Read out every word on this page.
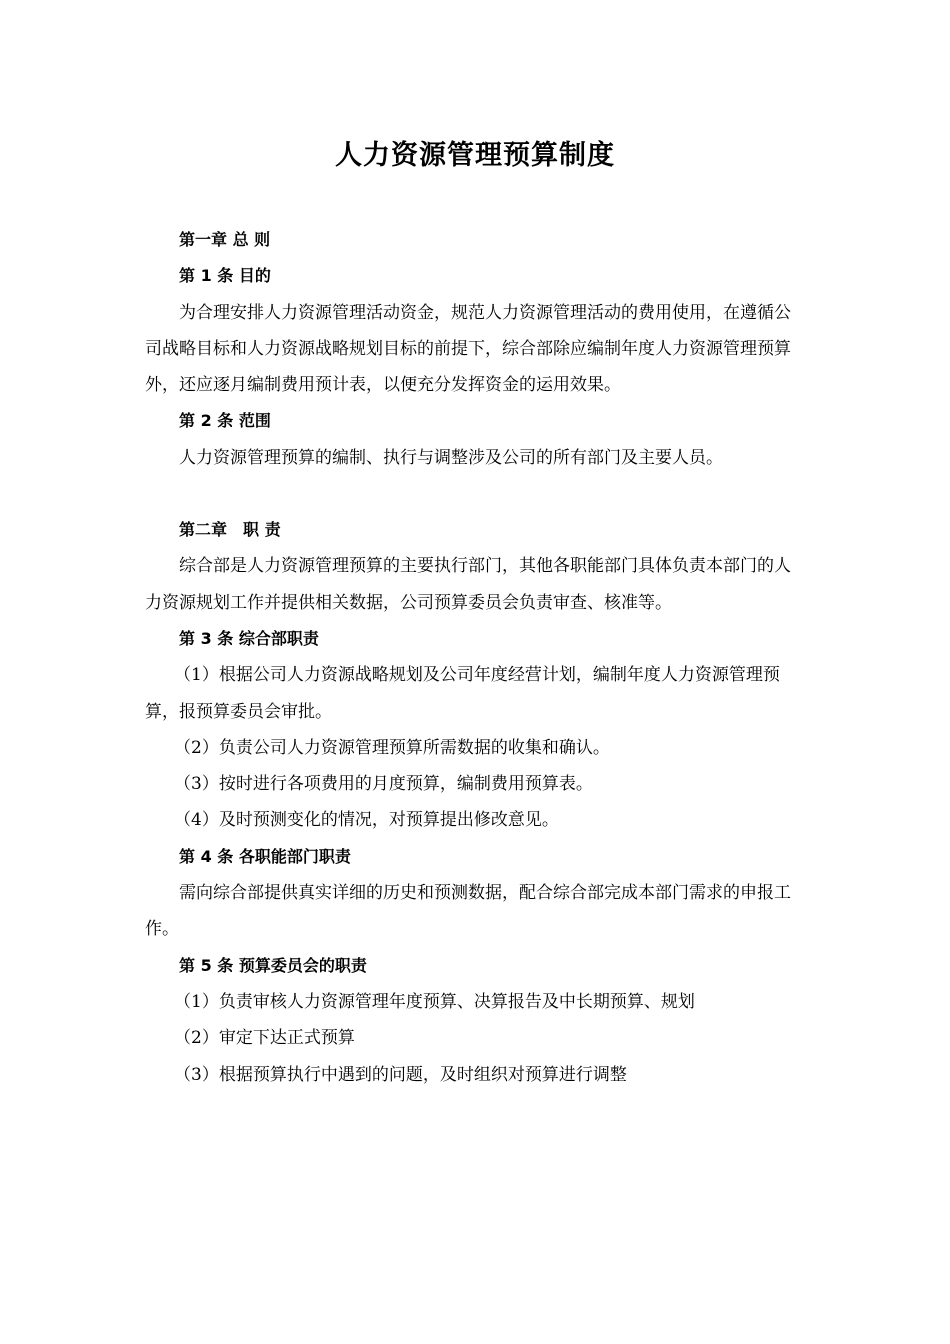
人力资源管理预算制度

第一章 总 则

第 1 条 目的

为合理安排人力资源管理活动资金，规范人力资源管理活动的费用使用，在遵循公司战略目标和人力资源战略规划目标的前提下，综合部除应编制年度人力资源管理预算外，还应逐月编制费用预计表，以便充分发挥资金的运用效果。

第 2 条 范围

人力资源管理预算的编制、执行与调整涉及公司的所有部门及主要人员。

第二章　职 责

综合部是人力资源管理预算的主要执行部门，其他各职能部门具体负责本部门的人力资源规划工作并提供相关数据，公司预算委员会负责审查、核准等。

第 3 条 综合部职责

（1）根据公司人力资源战略规划及公司年度经营计划，编制年度人力资源管理预算，报预算委员会审批。

（2）负责公司人力资源管理预算所需数据的收集和确认。

（3）按时进行各项费用的月度预算，编制费用预算表。

（4）及时预测变化的情况，对预算提出修改意见。

第 4 条 各职能部门职责

需向综合部提供真实详细的历史和预测数据，配合综合部完成本部门需求的申报工作。

第 5 条 预算委员会的职责

（1）负责审核人力资源管理年度预算、决算报告及中长期预算、规划

（2）审定下达正式预算

（3）根据预算执行中遇到的问题，及时组织对预算进行调整
